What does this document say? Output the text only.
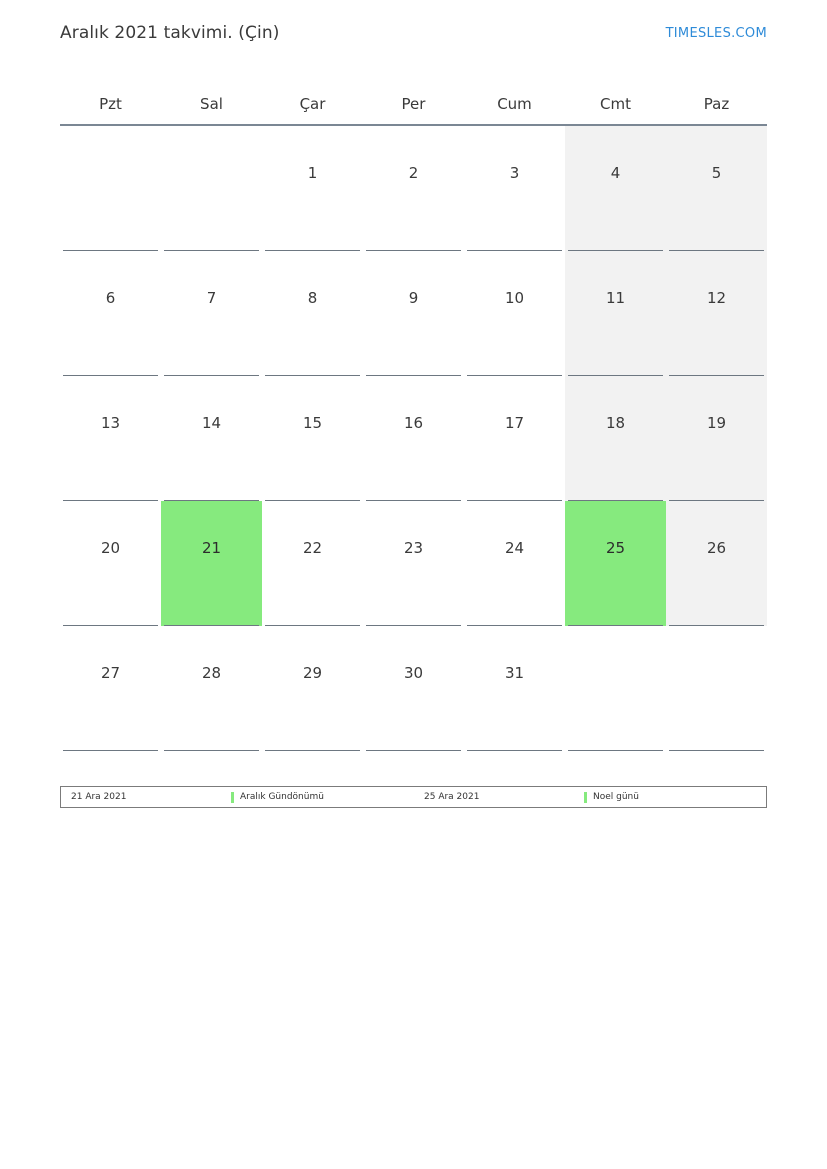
Aralık 2021 takvimi. (Çin)	TIMESLES.COM
Pzt	Sal	Çar	Per	Cum	Cmt	Paz

		1	2	3	4	5

6	7	8	9	10	11	12

13	14	15	16	17	18	19

20	21	22	23	24	25	26

27	28	29	30	31		

21 Ara 2021	Aralık Gündönümü	25 Ara 2021	Noel günü
